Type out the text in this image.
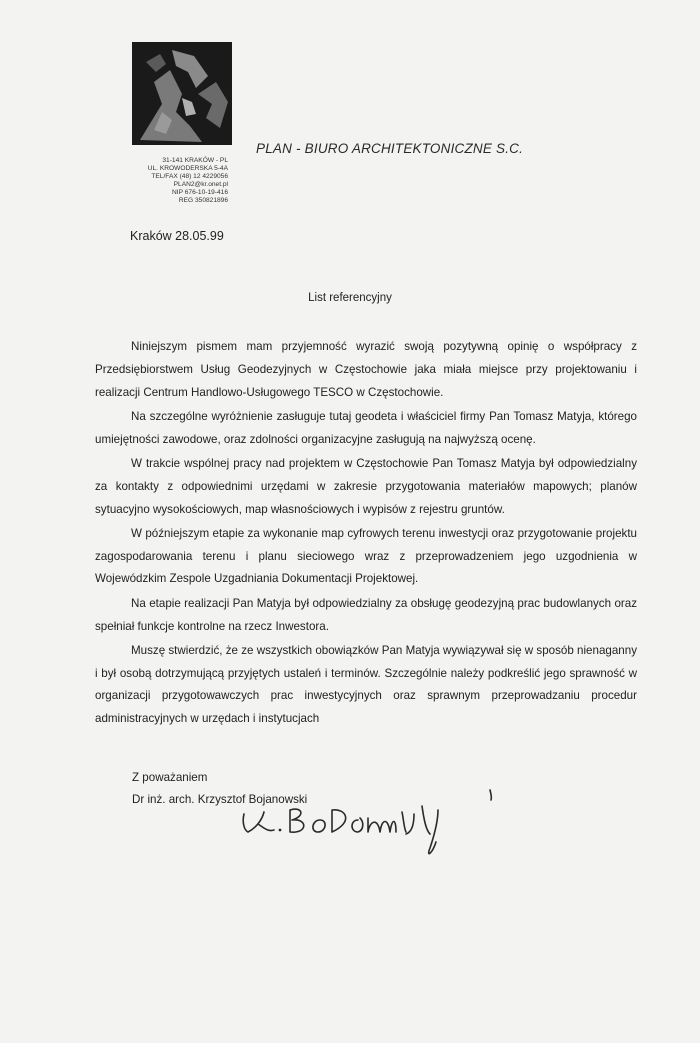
PLAN - BIURO ARCHITEKTONICZNE S.C.
31-141 KRAKÓW - PL
UL. KROWODERSKA 5-4A
TEL/FAX (48) 12 4229056
PLAN2@kr.onet.pl
NIP 676-10-19-416
REG 350821896
Kraków 28.05.99
List referencyjny

Niniejszym pismem mam przyjemność wyrazić swoją pozytywną opinię o współpracy z Przedsiębiorstwem Usług Geodezyjnych w Częstochowie jaka miała miejsce przy projektowaniu i realizacji Centrum Handlowo-Usługowego TESCO w Częstochowie.

Na szczególne wyróżnienie zasługuje tutaj geodeta i właściciel firmy Pan Tomasz Matyja, którego umiejętności zawodowe, oraz zdolności organizacyjne zasługują na najwyższą ocenę.

W trakcie wspólnej pracy nad projektem w Częstochowie Pan Tomasz Matyja był odpowiedzialny za kontakty z odpowiednimi urzędami w zakresie przygotowania materiałów mapowych; planów sytuacyjno wysokościowych, map własnościowych i wypisów z rejestru gruntów.

W późniejszym etapie za wykonanie map cyfrowych terenu inwestycji oraz przygotowanie projektu zagospodarowania terenu i planu sieciowego wraz z przeprowadzeniem jego uzgodnienia w Wojewódzkim Zespole Uzgadniania Dokumentacji Projektowej.

Na etapie realizacji Pan Matyja był odpowiedzialny za obsługę geodezyjną prac budowlanych oraz spełniał funkcje kontrolne na rzecz Inwestora.

Muszę stwierdzić, że ze wszystkich obowiązków Pan Matyja wywiązywał się w sposób nienaganny i był osobą dotrzymującą przyjętych ustaleń i terminów. Szczególnie należy podkreślić jego sprawność w organizacji przygotowawczych prac inwestycyjnych oraz sprawnym przeprowadzaniu procedur administracyjnych w urzędach i instytucjach

Z poważaniem
Dr inż. arch. Krzysztof Bojanowski
